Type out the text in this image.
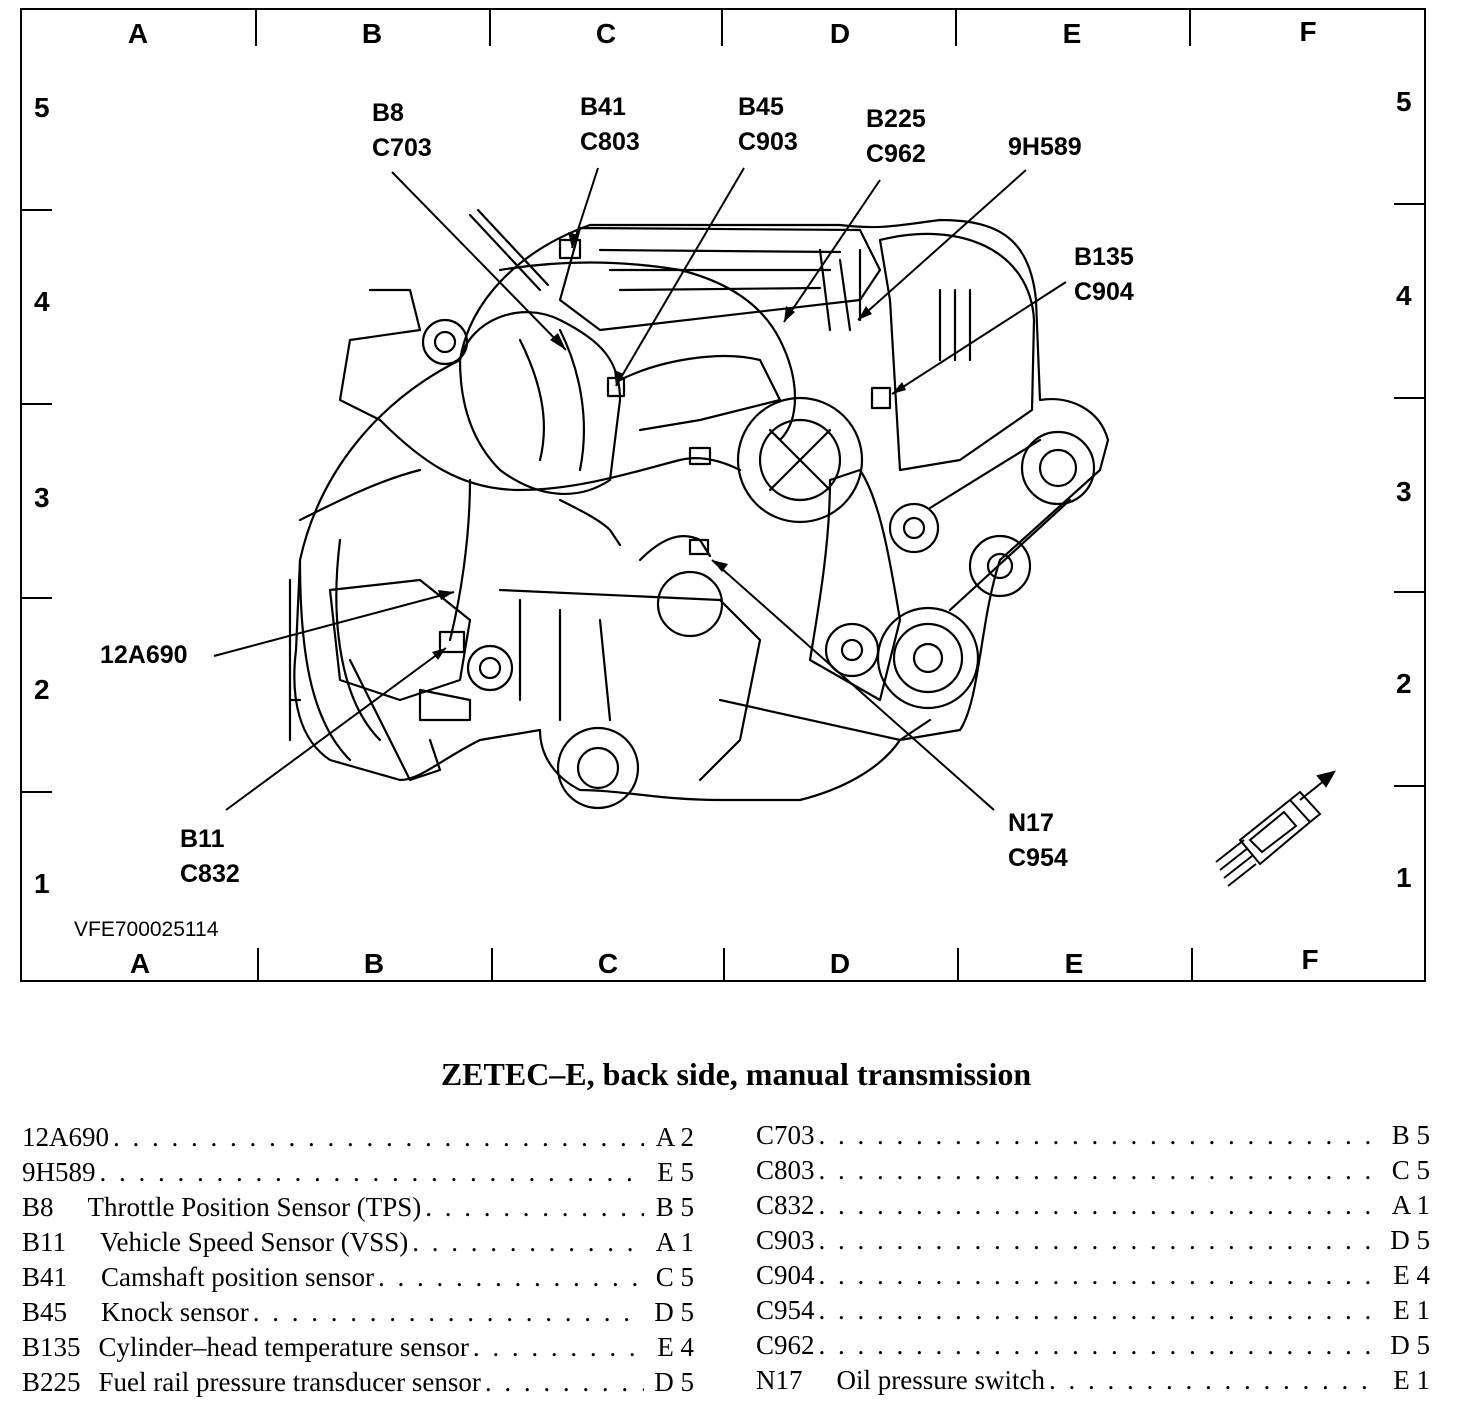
A	B	C	D	E	F
A	B	C	D	E	F
5
4
3
2
1
5
4
3
2
1
B8
C703
B41
C803
B45
C903
B225
C962	9H589
B135
C904
12A690
B11
C832
N17
C954
VFE700025114
ZETEC–E, back side, manual transmission
12A690 . . .	A 2
9H589 . . .	E 5
B8 Throttle Position Sensor (TPS) . . .	B 5
B11 Vehicle Speed Sensor (VSS) . . .	A 1
B41 Camshaft position sensor . . .	C 5
B45 Knock sensor . . .	D 5
B135 Cylinder–head temperature sensor . . .	E 4
B225 Fuel rail pressure transducer sensor . . .	D 5
C703 . . .	B 5
C803 . . .	C 5
C832 . . .	A 1
C903 . . .	D 5
C904 . . .	E 4
C954 . . .	E 1
C962 . . .	D 5
N17 Oil pressure switch . . .	E 1
